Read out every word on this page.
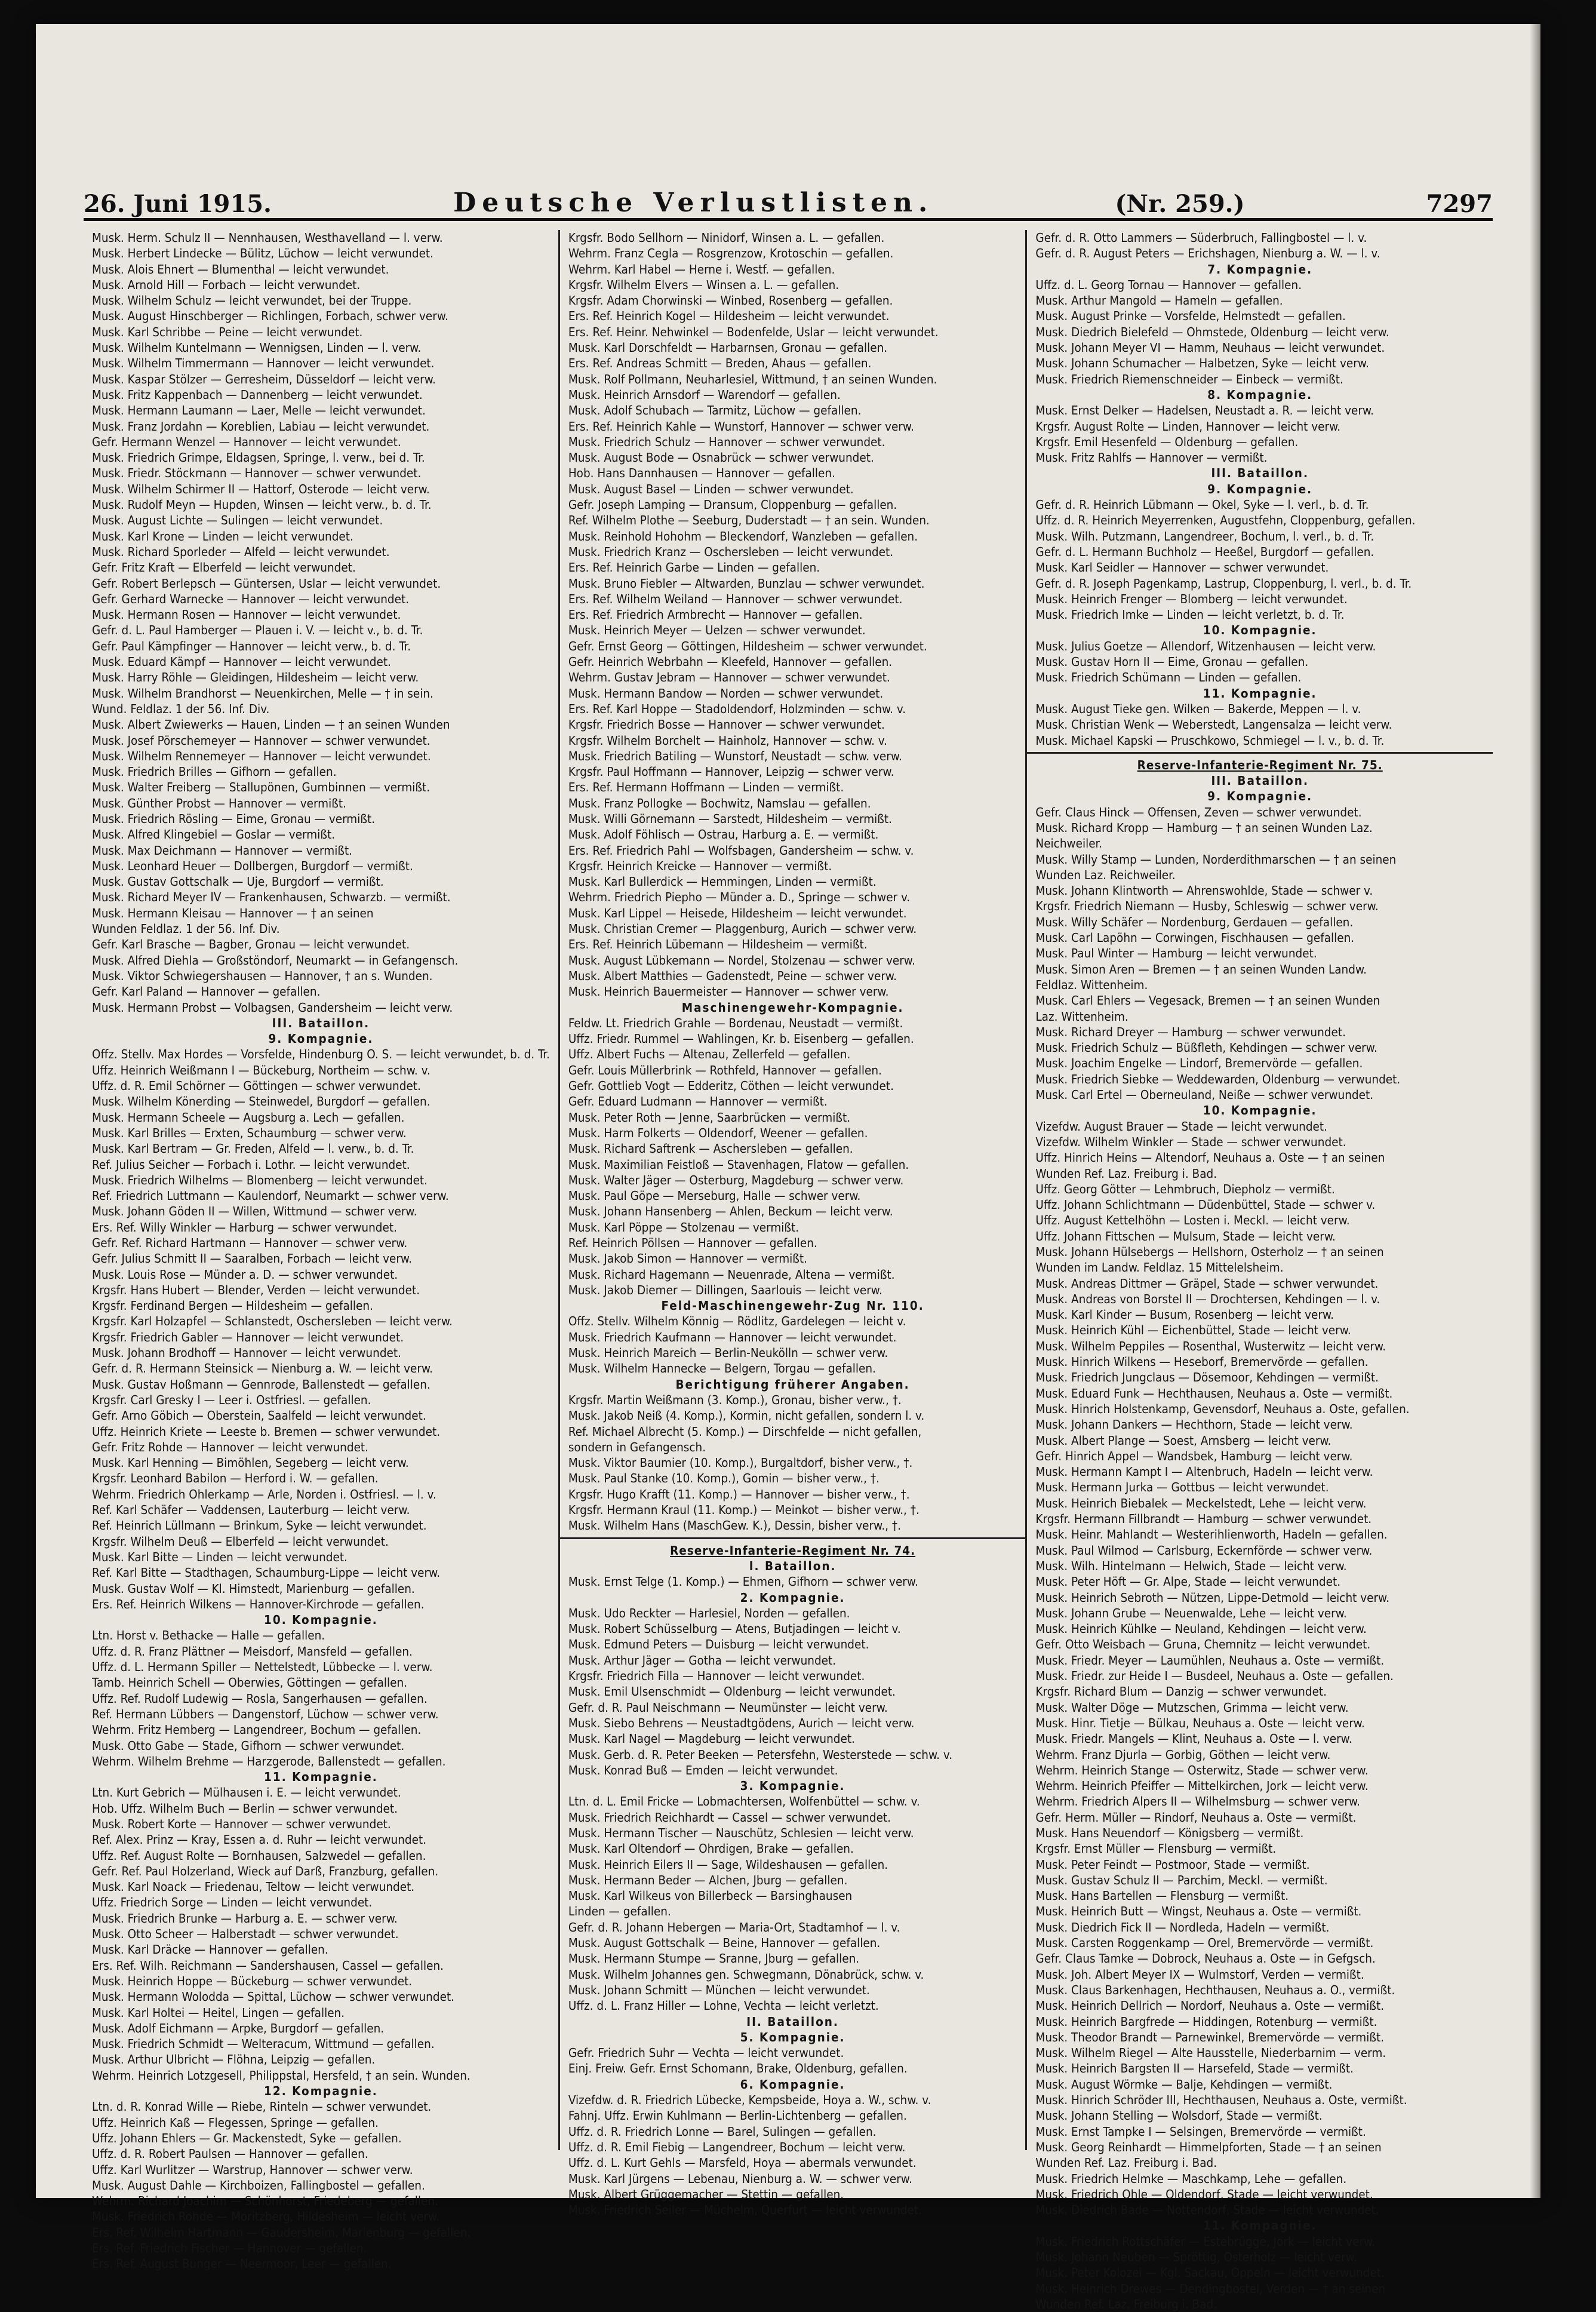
26. Juni 1915.	Deutsche Verlustlisten.	(Nr. 259.)	7297
Musk. Herm. Schulz II — Nennhausen, Westhavelland — l. verw.
Musk. Herbert Lindecke — Bülitz, Lüchow — leicht verwundet.
Musk. Alois Ehnert — Blumenthal — leicht verwundet.
Musk. Arnold Hill — Forbach — leicht verwundet.
Musk. Wilhelm Schulz — leicht verwundet, bei der Truppe.
Musk. August Hinschberger — Richlingen, Forbach, schwer verw.
Musk. Karl Schribbe — Peine — leicht verwundet.
Musk. Wilhelm Kuntelmann — Wennigsen, Linden — l. verw.
Musk. Wilhelm Timmermann — Hannover — leicht verwundet.
Musk. Kaspar Stölzer — Gerresheim, Düsseldorf — leicht verw.
Musk. Fritz Kappenbach — Dannenberg — leicht verwundet.
Musk. Hermann Laumann — Laer, Melle — leicht verwundet.
Musk. Franz Jordahn — Koreblien, Labiau — leicht verwundet.
Gefr. Hermann Wenzel — Hannover — leicht verwundet.
Musk. Friedrich Grimpe, Eldagsen, Springe, l. verw., bei d. Tr.
Musk. Friedr. Stöckmann — Hannover — schwer verwundet.
Musk. Wilhelm Schirmer II — Hattorf, Osterode — leicht verw.
Musk. Rudolf Meyn — Hupden, Winsen — leicht verw., b. d. Tr.
Musk. August Lichte — Sulingen — leicht verwundet.
Musk. Karl Krone — Linden — leicht verwundet.
Musk. Richard Sporleder — Alfeld — leicht verwundet.
Gefr. Fritz Kraft — Elberfeld — leicht verwundet.
Gefr. Robert Berlepsch — Güntersen, Uslar — leicht verwundet.
Gefr. Gerhard Warnecke — Hannover — leicht verwundet.
Musk. Hermann Rosen — Hannover — leicht verwundet.
Gefr. d. L. Paul Hamberger — Plauen i. V. — leicht v., b. d. Tr.
Gefr. Paul Kämpfinger — Hannover — leicht verw., b. d. Tr.
Musk. Eduard Kämpf — Hannover — leicht verwundet.
Musk. Harry Röhle — Gleidingen, Hildesheim — leicht verw.
Musk. Wilhelm Brandhorst — Neuenkirchen, Melle — † in sein.
Wund. Feldlaz. 1 der 56. Inf. Div.
Musk. Albert Zwiewerks — Hauen, Linden — † an seinen Wunden
Musk. Josef Pörschemeyer — Hannover — schwer verwundet.
Musk. Wilhelm Rennemeyer — Hannover — leicht verwundet.
Musk. Friedrich Brilles — Gifhorn — gefallen.
Musk. Walter Freiberg — Stallupönen, Gumbinnen — vermißt.
Musk. Günther Probst — Hannover — vermißt.
Musk. Friedrich Rösling — Eime, Gronau — vermißt.
Musk. Alfred Klingebiel — Goslar — vermißt.
Musk. Max Deichmann — Hannover — vermißt.
Musk. Leonhard Heuer — Dollbergen, Burgdorf — vermißt.
Musk. Gustav Gottschalk — Uje, Burgdorf — vermißt.
Musk. Richard Meyer IV — Frankenhausen, Schwarzb. — vermißt.
Musk. Hermann Kleisau — Hannover — † an seinen
Wunden Feldlaz. 1 der 56. Inf. Div.
Gefr. Karl Brasche — Bagber, Gronau — leicht verwundet.
Musk. Alfred Diehla — Großstöndorf, Neumarkt — in Gefangensch.
Musk. Viktor Schwiegershausen — Hannover, † an s. Wunden.
Gefr. Karl Paland — Hannover — gefallen.
Musk. Hermann Probst — Volbagsen, Gandersheim — leicht verw.
III. Bataillon.
9. Kompagnie.
Offz. Stellv. Max Hordes — Vorsfelde, Hindenburg O. S. — leicht verwundet, b. d. Tr.
Uffz. Heinrich Weißmann I — Bückeburg, Northeim — schw. v.
Uffz. d. R. Emil Schörner — Göttingen — schwer verwundet.
Musk. Wilhelm Könerding — Steinwedel, Burgdorf — gefallen.
Musk. Hermann Scheele — Augsburg a. Lech — gefallen.
Musk. Karl Brilles — Erxten, Schaumburg — schwer verw.
Musk. Karl Bertram — Gr. Freden, Alfeld — l. verw., b. d. Tr.
Ref. Julius Seicher — Forbach i. Lothr. — leicht verwundet.
Musk. Friedrich Wilhelms — Blomenberg — leicht verwundet.
Ref. Friedrich Luttmann — Kaulendorf, Neumarkt — schwer verw.
Musk. Johann Göden II — Willen, Wittmund — schwer verw.
Ers. Ref. Willy Winkler — Harburg — schwer verwundet.
Gefr. Ref. Richard Hartmann — Hannover — schwer verw.
Gefr. Julius Schmitt II — Saaralben, Forbach — leicht verw.
Musk. Louis Rose — Münder a. D. — schwer verwundet.
Krgsfr. Hans Hubert — Blender, Verden — leicht verwundet.
Krgsfr. Ferdinand Bergen — Hildesheim — gefallen.
Krgsfr. Karl Holzapfel — Schlanstedt, Oschersleben — leicht verw.
Krgsfr. Friedrich Gabler — Hannover — leicht verwundet.
Musk. Johann Brodhoff — Hannover — leicht verwundet.
Gefr. d. R. Hermann Steinsick — Nienburg a. W. — leicht verw.
Musk. Gustav Hoßmann — Gennrode, Ballenstedt — gefallen.
Krgsfr. Carl Gresky I — Leer i. Ostfriesl. — gefallen.
Gefr. Arno Göbich — Oberstein, Saalfeld — leicht verwundet.
Uffz. Heinrich Kriete — Leeste b. Bremen — schwer verwundet.
Gefr. Fritz Rohde — Hannover — leicht verwundet.
Musk. Karl Henning — Bimöhlen, Segeberg — leicht verw.
Krgsfr. Leonhard Babilon — Herford i. W. — gefallen.
Wehrm. Friedrich Ohlerkamp — Arle, Norden i. Ostfriesl. — l. v.
Ref. Karl Schäfer — Vaddensen, Lauterburg — leicht verw.
Ref. Heinrich Lüllmann — Brinkum, Syke — leicht verwundet.
Krgsfr. Wilhelm Deuß — Elberfeld — leicht verwundet.
Musk. Karl Bitte — Linden — leicht verwundet.
Ref. Karl Bitte — Stadthagen, Schaumburg-Lippe — leicht verw.
Musk. Gustav Wolf — Kl. Himstedt, Marienburg — gefallen.
Ers. Ref. Heinrich Wilkens — Hannover-Kirchrode — gefallen.
10. Kompagnie.
Ltn. Horst v. Bethacke — Halle — gefallen.
Uffz. d. R. Franz Plättner — Meisdorf, Mansfeld — gefallen.
Uffz. d. L. Hermann Spiller — Nettelstedt, Lübbecke — l. verw.
Tamb. Heinrich Schell — Oberwies, Göttingen — gefallen.
Uffz. Ref. Rudolf Ludewig — Rosla, Sangerhausen — gefallen.
Ref. Hermann Lübbers — Dangenstorf, Lüchow — schwer verw.
Wehrm. Fritz Hemberg — Langendreer, Bochum — gefallen.
Musk. Otto Gabe — Stade, Gifhorn — schwer verwundet.
Wehrm. Wilhelm Brehme — Harzgerode, Ballenstedt — gefallen.
11. Kompagnie.
Ltn. Kurt Gebrich — Mülhausen i. E. — leicht verwundet.
Hob. Uffz. Wilhelm Buch — Berlin — schwer verwundet.
Musk. Robert Korte — Hannover — schwer verwundet.
Ref. Alex. Prinz — Kray, Essen a. d. Ruhr — leicht verwundet.
Uffz. Ref. August Rolte — Bornhausen, Salzwedel — gefallen.
Gefr. Ref. Paul Holzerland, Wieck auf Darß, Franzburg, gefallen.
Musk. Karl Noack — Friedenau, Teltow — leicht verwundet.
Uffz. Friedrich Sorge — Linden — leicht verwundet.
Musk. Friedrich Brunke — Harburg a. E. — schwer verw.
Musk. Otto Scheer — Halberstadt — schwer verwundet.
Musk. Karl Dräcke — Hannover — gefallen.
Ers. Ref. Wilh. Reichmann — Sandershausen, Cassel — gefallen.
Musk. Heinrich Hoppe — Bückeburg — schwer verwundet.
Musk. Hermann Wolodda — Spittal, Lüchow — schwer verwundet.
Musk. Karl Holtei — Heitel, Lingen — gefallen.
Musk. Adolf Eichmann — Arpke, Burgdorf — gefallen.
Musk. Friedrich Schmidt — Welteracum, Wittmund — gefallen.
Musk. Arthur Ulbricht — Flöhna, Leipzig — gefallen.
Wehrm. Heinrich Lotzgesell, Philippstal, Hersfeld, † an sein. Wunden.
12. Kompagnie.
Ltn. d. R. Konrad Wille — Riebe, Rinteln — schwer verwundet.
Uffz. Heinrich Kaß — Flegessen, Springe — gefallen.
Uffz. Johann Ehlers — Gr. Mackenstedt, Syke — gefallen.
Uffz. d. R. Robert Paulsen — Hannover — gefallen.
Uffz. Karl Wurlitzer — Warstrup, Hannover — schwer verw.
Musk. August Dahle — Kirchboizen, Fallingbostel — gefallen.
Wehrm. Richard Joachim — Schönhorst, Friedeberg — gefallen.
Musk. Friedrich Rohde — Moritzberg, Hildesheim — leicht verw.
Ers. Ref. Wilhelm Hartmann — Gaudersheim, Marienburg — gefallen.
Ers. Ref. Friedrich Fischer — Hannover — gefallen.
Ers. Ref. August Bunger — Neermoor, Leer — gefallen.
Krgsfr. Bodo Sellhorn — Ninidorf, Winsen a. L. — gefallen.
Wehrm. Franz Cegla — Rosgrenzow, Krotoschin — gefallen.
Wehrm. Karl Habel — Herne i. Westf. — gefallen.
Krgsfr. Wilhelm Elvers — Winsen a. L. — gefallen.
Krgsfr. Adam Chorwinski — Winbed, Rosenberg — gefallen.
Ers. Ref. Heinrich Kogel — Hildesheim — leicht verwundet.
Ers. Ref. Heinr. Nehwinkel — Bodenfelde, Uslar — leicht verwundet.
Musk. Karl Dorschfeldt — Harbarnsen, Gronau — gefallen.
Ers. Ref. Andreas Schmitt — Breden, Ahaus — gefallen.
Musk. Rolf Pollmann, Neuharlesiel, Wittmund, † an seinen Wunden.
Musk. Heinrich Arnsdorf — Warendorf — gefallen.
Musk. Adolf Schubach — Tarmitz, Lüchow — gefallen.
Ers. Ref. Heinrich Kahle — Wunstorf, Hannover — schwer verw.
Musk. Friedrich Schulz — Hannover — schwer verwundet.
Musk. August Bode — Osnabrück — schwer verwundet.
Hob. Hans Dannhausen — Hannover — gefallen.
Musk. August Basel — Linden — schwer verwundet.
Gefr. Joseph Lamping — Dransum, Cloppenburg — gefallen.
Ref. Wilhelm Plothe — Seeburg, Duderstadt — † an sein. Wunden.
Musk. Reinhold Hohohm — Bleckendorf, Wanzleben — gefallen.
Musk. Friedrich Kranz — Oschersleben — leicht verwundet.
Ers. Ref. Heinrich Garbe — Linden — gefallen.
Musk. Bruno Fiebler — Altwarden, Bunzlau — schwer verwundet.
Ers. Ref. Wilhelm Weiland — Hannover — schwer verwundet.
Ers. Ref. Friedrich Armbrecht — Hannover — gefallen.
Musk. Heinrich Meyer — Uelzen — schwer verwundet.
Gefr. Ernst Georg — Göttingen, Hildesheim — schwer verwundet.
Gefr. Heinrich Webrbahn — Kleefeld, Hannover — gefallen.
Wehrm. Gustav Jebram — Hannover — schwer verwundet.
Musk. Hermann Bandow — Norden — schwer verwundet.
Ers. Ref. Karl Hoppe — Stadoldendorf, Holzminden — schw. v.
Krgsfr. Friedrich Bosse — Hannover — schwer verwundet.
Krgsfr. Wilhelm Borchelt — Hainholz, Hannover — schw. v.
Musk. Friedrich Batiling — Wunstorf, Neustadt — schw. verw.
Krgsfr. Paul Hoffmann — Hannover, Leipzig — schwer verw.
Ers. Ref. Hermann Hoffmann — Linden — vermißt.
Musk. Franz Pollogke — Bochwitz, Namslau — gefallen.
Musk. Willi Görnemann — Sarstedt, Hildesheim — vermißt.
Musk. Adolf Föhlisch — Ostrau, Harburg a. E. — vermißt.
Ers. Ref. Friedrich Pahl — Wolfsbagen, Gandersheim — schw. v.
Krgsfr. Heinrich Kreicke — Hannover — vermißt.
Musk. Karl Bullerdick — Hemmingen, Linden — vermißt.
Wehrm. Friedrich Piepho — Münder a. D., Springe — schwer v.
Musk. Karl Lippel — Heisede, Hildesheim — leicht verwundet.
Musk. Christian Cremer — Plaggenburg, Aurich — schwer verw.
Ers. Ref. Heinrich Lübemann — Hildesheim — vermißt.
Musk. August Lübkemann — Nordel, Stolzenau — schwer verw.
Musk. Albert Matthies — Gadenstedt, Peine — schwer verw.
Musk. Heinrich Bauermeister — Hannover — schwer verw.
Maschinengewehr-Kompagnie.
Feldw. Lt. Friedrich Grahle — Bordenau, Neustadt — vermißt.
Uffz. Friedr. Rummel — Wahlingen, Kr. b. Eisenberg — gefallen.
Uffz. Albert Fuchs — Altenau, Zellerfeld — gefallen.
Gefr. Louis Müllerbrink — Rothfeld, Hannover — gefallen.
Gefr. Gottlieb Vogt — Edderitz, Cöthen — leicht verwundet.
Gefr. Eduard Ludmann — Hannover — vermißt.
Musk. Peter Roth — Jenne, Saarbrücken — vermißt.
Musk. Harm Folkerts — Oldendorf, Weener — gefallen.
Musk. Richard Saftrenk — Aschersleben — gefallen.
Musk. Maximilian Feistloß — Stavenhagen, Flatow — gefallen.
Musk. Walter Jäger — Osterburg, Magdeburg — schwer verw.
Musk. Paul Göpe — Merseburg, Halle — schwer verw.
Musk. Johann Hansenberg — Ahlen, Beckum — leicht verw.
Musk. Karl Pöppe — Stolzenau — vermißt.
Ref. Heinrich Pöllsen — Hannover — gefallen.
Musk. Jakob Simon — Hannover — vermißt.
Musk. Richard Hagemann — Neuenrade, Altena — vermißt.
Musk. Jakob Diemer — Dillingen, Saarlouis — leicht verw.
Feld-Maschinengewehr-Zug Nr. 110.
Offz. Stellv. Wilhelm Könnig — Rödlitz, Gardelegen — leicht v.
Musk. Friedrich Kaufmann — Hannover — leicht verwundet.
Musk. Heinrich Mareich — Berlin-Neukölln — schwer verw.
Musk. Wilhelm Hannecke — Belgern, Torgau — gefallen.
Berichtigung früherer Angaben.
Krgsfr. Martin Weißmann (3. Komp.), Gronau, bisher verw., †.
Musk. Jakob Neiß (4. Komp.), Kormin, nicht gefallen, sondern l. v.
Ref. Michael Albrecht (5. Komp.) — Dirschfelde — nicht gefallen,
sondern in Gefangensch.
Musk. Viktor Baumier (10. Komp.), Burgaltdorf, bisher verw., †.
Musk. Paul Stanke (10. Komp.), Gomin — bisher verw., †.
Krgsfr. Hugo Krafft (11. Komp.) — Hannover — bisher verw., †.
Krgsfr. Hermann Kraul (11. Komp.) — Meinkot — bisher verw., †.
Musk. Wilhelm Hans (MaschGew. K.), Dessin, bisher verw., †.
Reserve-Infanterie-Regiment Nr. 74.
I. Bataillon.
Musk. Ernst Telge (1. Komp.) — Ehmen, Gifhorn — schwer verw.
2. Kompagnie.
Musk. Udo Reckter — Harlesiel, Norden — gefallen.
Musk. Robert Schüsselburg — Atens, Butjadingen — leicht v.
Musk. Edmund Peters — Duisburg — leicht verwundet.
Musk. Arthur Jäger — Gotha — leicht verwundet.
Krgsfr. Friedrich Filla — Hannover — leicht verwundet.
Musk. Emil Ulsenschmidt — Oldenburg — leicht verwundet.
Gefr. d. R. Paul Neischmann — Neumünster — leicht verw.
Musk. Siebo Behrens — Neustadtgödens, Aurich — leicht verw.
Musk. Karl Nagel — Magdeburg — leicht verwundet.
Musk. Gerb. d. R. Peter Beeken — Petersfehn, Westerstede — schw. v.
Musk. Konrad Buß — Emden — leicht verwundet.
3. Kompagnie.
Ltn. d. L. Emil Fricke — Lobmachtersen, Wolfenbüttel — schw. v.
Musk. Friedrich Reichhardt — Cassel — schwer verwundet.
Musk. Hermann Tischer — Nauschütz, Schlesien — leicht verw.
Musk. Karl Oltendorf — Ohrdigen, Brake — gefallen.
Musk. Heinrich Eilers II — Sage, Wildeshausen — gefallen.
Musk. Hermann Beder — Alchen, Jburg — gefallen.
Musk. Karl Wilkeus von Billerbeck — Barsinghausen
Linden — gefallen.
Gefr. d. R. Johann Hebergen — Maria-Ort, Stadtamhof — l. v.
Musk. August Gottschalk — Beine, Hannover — gefallen.
Musk. Hermann Stumpe — Sranne, Jburg — gefallen.
Musk. Wilhelm Johannes gen. Schwegmann, Dönabrück, schw. v.
Musk. Johann Schmitt — München — leicht verwundet.
Uffz. d. L. Franz Hiller — Lohne, Vechta — leicht verletzt.
II. Bataillon.
5. Kompagnie.
Gefr. Friedrich Suhr — Vechta — leicht verwundet.
Einj. Freiw. Gefr. Ernst Schomann, Brake, Oldenburg, gefallen.
6. Kompagnie.
Vizefdw. d. R. Friedrich Lübecke, Kempsbeide, Hoya a. W., schw. v.
Fahnj. Uffz. Erwin Kuhlmann — Berlin-Lichtenberg — gefallen.
Uffz. d. R. Friedrich Lonne — Barel, Sulingen — gefallen.
Uffz. d. R. Emil Fiebig — Langendreer, Bochum — leicht verw.
Uffz. d. L. Kurt Gehls — Marsfeld, Hoya — abermals verwundet.
Musk. Karl Jürgens — Lebenau, Nienburg a. W. — schwer verw.
Musk. Albert Grüggemacher — Stettin — gefallen.
Musk. Friedrich Seiler — Müchelm, Querfurt — leicht verwundet.
Gefr. d. R. Otto Lammers — Süderbruch, Fallingbostel — l. v.
Gefr. d. R. August Peters — Erichshagen, Nienburg a. W. — l. v.
7. Kompagnie.
Uffz. d. L. Georg Tornau — Hannover — gefallen.
Musk. Arthur Mangold — Hameln — gefallen.
Musk. August Prinke — Vorsfelde, Helmstedt — gefallen.
Musk. Diedrich Bielefeld — Ohmstede, Oldenburg — leicht verw.
Musk. Johann Meyer VI — Hamm, Neuhaus — leicht verwundet.
Musk. Johann Schumacher — Halbetzen, Syke — leicht verw.
Musk. Friedrich Riemenschneider — Einbeck — vermißt.
8. Kompagnie.
Musk. Ernst Delker — Hadelsen, Neustadt a. R. — leicht verw.
Krgsfr. August Rolte — Linden, Hannover — leicht verw.
Krgsfr. Emil Hesenfeld — Oldenburg — gefallen.
Musk. Fritz Rahlfs — Hannover — vermißt.
III. Bataillon.
9. Kompagnie.
Gefr. d. R. Heinrich Lübmann — Okel, Syke — l. verl., b. d. Tr.
Uffz. d. R. Heinrich Meyerrenken, Augustfehn, Cloppenburg, gefallen.
Musk. Wilh. Putzmann, Langendreer, Bochum, l. verl., b. d. Tr.
Gefr. d. L. Hermann Buchholz — Heeßel, Burgdorf — gefallen.
Musk. Karl Seidler — Hannover — schwer verwundet.
Gefr. d. R. Joseph Pagenkamp, Lastrup, Cloppenburg, l. verl., b. d. Tr.
Musk. Heinrich Frenger — Blomberg — leicht verwundet.
Musk. Friedrich Imke — Linden — leicht verletzt, b. d. Tr.
10. Kompagnie.
Musk. Julius Goetze — Allendorf, Witzenhausen — leicht verw.
Musk. Gustav Horn II — Eime, Gronau — gefallen.
Musk. Friedrich Schümann — Linden — gefallen.
11. Kompagnie.
Musk. August Tieke gen. Wilken — Bakerde, Meppen — l. v.
Musk. Christian Wenk — Weberstedt, Langensalza — leicht verw.
Musk. Michael Kapski — Pruschkowo, Schmiegel — l. v., b. d. Tr.
Reserve-Infanterie-Regiment Nr. 75.
III. Bataillon.
9. Kompagnie.
Gefr. Claus Hinck — Offensen, Zeven — schwer verwundet.
Musk. Richard Kropp — Hamburg — † an seinen Wunden Laz.
Neichweiler.
Musk. Willy Stamp — Lunden, Norderdithmarschen — † an seinen
Wunden Laz. Reichweiler.
Musk. Johann Klintworth — Ahrenswohlde, Stade — schwer v.
Krgsfr. Friedrich Niemann — Husby, Schleswig — schwer verw.
Musk. Willy Schäfer — Nordenburg, Gerdauen — gefallen.
Musk. Carl Lapöhn — Corwingen, Fischhausen — gefallen.
Musk. Paul Winter — Hamburg — leicht verwundet.
Musk. Simon Aren — Bremen — † an seinen Wunden Landw.
Feldlaz. Wittenheim.
Musk. Carl Ehlers — Vegesack, Bremen — † an seinen Wunden
Laz. Wittenheim.
Musk. Richard Dreyer — Hamburg — schwer verwundet.
Musk. Friedrich Schulz — Büßfleth, Kehdingen — schwer verw.
Musk. Joachim Engelke — Lindorf, Bremervörde — gefallen.
Musk. Friedrich Siebke — Weddewarden, Oldenburg — verwundet.
Musk. Carl Ertel — Oberneuland, Neiße — schwer verwundet.
10. Kompagnie.
Vizefdw. August Brauer — Stade — leicht verwundet.
Vizefdw. Wilhelm Winkler — Stade — schwer verwundet.
Uffz. Hinrich Heins — Altendorf, Neuhaus a. Oste — † an seinen
Wunden Ref. Laz. Freiburg i. Bad.
Uffz. Georg Götter — Lehmbruch, Diepholz — vermißt.
Uffz. Johann Schlichtmann — Düdenbüttel, Stade — schwer v.
Uffz. August Kettelhöhn — Losten i. Meckl. — leicht verw.
Uffz. Johann Fittschen — Mulsum, Stade — leicht verw.
Musk. Johann Hülsebergs — Hellshorn, Osterholz — † an seinen
Wunden im Landw. Feldlaz. 15 Mittelelsheim.
Musk. Andreas Dittmer — Gräpel, Stade — schwer verwundet.
Musk. Andreas von Borstel II — Drochtersen, Kehdingen — l. v.
Musk. Karl Kinder — Busum, Rosenberg — leicht verw.
Musk. Heinrich Kühl — Eichenbüttel, Stade — leicht verw.
Musk. Wilhelm Peppiles — Rosenthal, Wusterwitz — leicht verw.
Musk. Hinrich Wilkens — Heseborf, Bremervörde — gefallen.
Musk. Friedrich Jungclaus — Dösemoor, Kehdingen — vermißt.
Musk. Eduard Funk — Hechthausen, Neuhaus a. Oste — vermißt.
Musk. Hinrich Holstenkamp, Gevensdorf, Neuhaus a. Oste, gefallen.
Musk. Johann Dankers — Hechthorn, Stade — leicht verw.
Musk. Albert Plange — Soest, Arnsberg — leicht verw.
Gefr. Hinrich Appel — Wandsbek, Hamburg — leicht verw.
Musk. Hermann Kampt I — Altenbruch, Hadeln — leicht verw.
Musk. Hermann Jurka — Gottbus — leicht verwundet.
Musk. Heinrich Biebalek — Meckelstedt, Lehe — leicht verw.
Krgsfr. Hermann Fillbrandt — Hamburg — schwer verwundet.
Musk. Heinr. Mahlandt — Westerihlienworth, Hadeln — gefallen.
Musk. Paul Wilmod — Carlsburg, Eckernförde — schwer verw.
Musk. Wilh. Hintelmann — Helwich, Stade — leicht verw.
Musk. Peter Höft — Gr. Alpe, Stade — leicht verwundet.
Musk. Heinrich Sebroth — Nützen, Lippe-Detmold — leicht verw.
Musk. Johann Grube — Neuenwalde, Lehe — leicht verw.
Musk. Heinrich Kühlke — Neuland, Kehdingen — leicht verw.
Gefr. Otto Weisbach — Gruna, Chemnitz — leicht verwundet.
Musk. Friedr. Meyer — Laumühlen, Neuhaus a. Oste — vermißt.
Musk. Friedr. zur Heide I — Busdeel, Neuhaus a. Oste — gefallen.
Krgsfr. Richard Blum — Danzig — schwer verwundet.
Musk. Walter Döge — Mutzschen, Grimma — leicht verw.
Musk. Hinr. Tietje — Bülkau, Neuhaus a. Oste — leicht verw.
Musk. Friedr. Mangels — Klint, Neuhaus a. Oste — l. verw.
Wehrm. Franz Djurla — Gorbig, Göthen — leicht verw.
Wehrm. Heinrich Stange — Osterwitz, Stade — schwer verw.
Wehrm. Heinrich Pfeiffer — Mittelkirchen, Jork — leicht verw.
Wehrm. Friedrich Alpers II — Wilhelmsburg — schwer verw.
Gefr. Herm. Müller — Rindorf, Neuhaus a. Oste — vermißt.
Musk. Hans Neuendorf — Königsberg — vermißt.
Krgsfr. Ernst Müller — Flensburg — vermißt.
Musk. Peter Feindt — Postmoor, Stade — vermißt.
Musk. Gustav Schulz II — Parchim, Meckl. — vermißt.
Musk. Hans Bartellen — Flensburg — vermißt.
Musk. Heinrich Butt — Wingst, Neuhaus a. Oste — vermißt.
Musk. Diedrich Fick II — Nordleda, Hadeln — vermißt.
Musk. Carsten Roggenkamp — Orel, Bremervörde — vermißt.
Gefr. Claus Tamke — Dobrock, Neuhaus a. Oste — in Gefgsch.
Musk. Joh. Albert Meyer IX — Wulmstorf, Verden — vermißt.
Musk. Claus Barkenhagen, Hechthausen, Neuhaus a. O., vermißt.
Musk. Heinrich Dellrich — Nordorf, Neuhaus a. Oste — vermißt.
Musk. Heinrich Bargfrede — Hiddingen, Rotenburg — vermißt.
Musk. Theodor Brandt — Parnewinkel, Bremervörde — vermißt.
Musk. Wilhelm Riegel — Alte Hausstelle, Niederbarnim — verm.
Musk. Heinrich Bargsten II — Harsefeld, Stade — vermißt.
Musk. August Wörmke — Balje, Kehdingen — vermißt.
Musk. Hinrich Schröder III, Hechthausen, Neuhaus a. Oste, vermißt.
Musk. Johann Stelling — Wolsdorf, Stade — vermißt.
Musk. Ernst Tampke I — Selsingen, Bremervörde — vermißt.
Musk. Georg Reinhardt — Himmelpforten, Stade — † an seinen
Wunden Ref. Laz. Freiburg i. Bad.
Musk. Friedrich Helmke — Maschkamp, Lehe — gefallen.
Musk. Friedrich Ohle — Oldendorf, Stade — leicht verwundet.
Musk. Diedrich Bade — Nottendorf, Stade — leicht verwundet.
11. Kompagnie.
Musk. Friedrich Rottschäfer — Estebrügge, Jork — leicht verw.
Musk. Johann Neuben — Spröttig, Osterholz — leicht verw.
Musk. Peter Kolozei — Kgl. Sackau, Oppeln — leicht verwundet.
Musk. Heinrich Drewes — Dendingbostel, Verden — † an seinen
Wunden Ref. Laz. Freiburg i. Bad.
